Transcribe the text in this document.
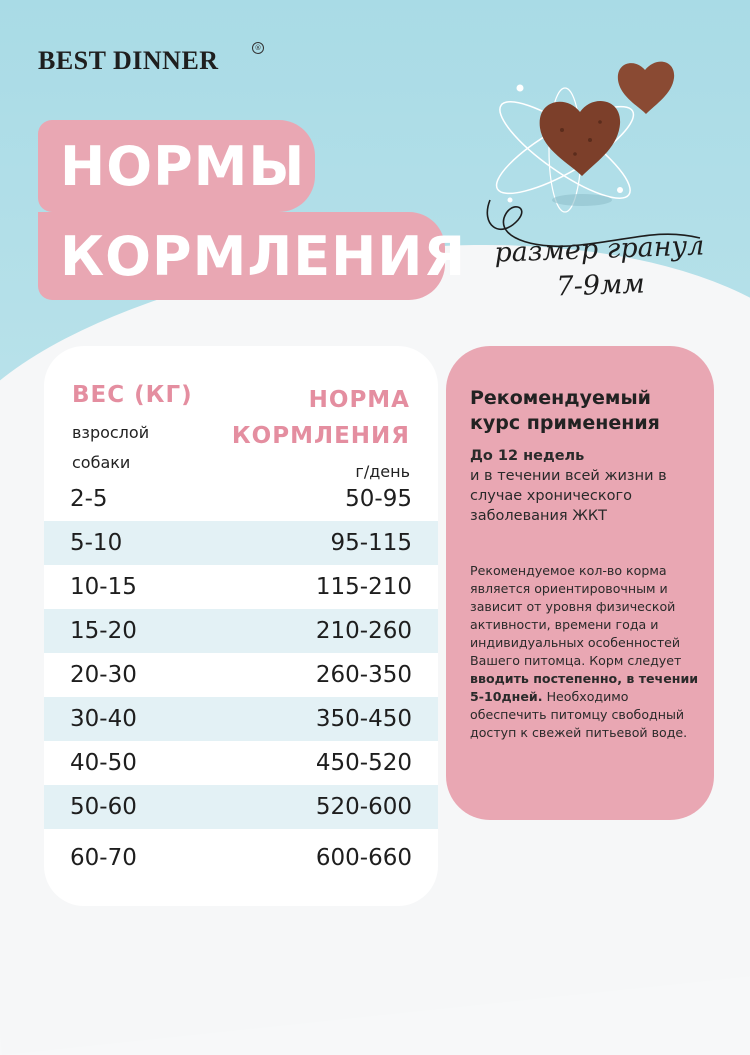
BEST DINNER	®
НОРМЫ
КОРМЛЕНИЯ	размер гранул
7-9мм
ВЕС (КГ)
взрослой
собаки
НОРМА
КОРМЛЕНИЯ
г/день
2-5	50-95
5-10	95-115
10-15	115-210
15-20	210-260
20-30	260-350
30-40	350-450
40-50	450-520
50-60	520-600
60-70	600-660
Рекомендуемый курс применения
До 12 недель
и в течении всей жизни в случае хронического заболевания ЖКТ
Рекомендуемое кол-во корма является ориентировочным и зависит от уровня физической активности, времени года и индивидуальных особенностей Вашего питомца. Корм следует вводить постепенно, в течении 5-10дней. Необходимо обеспечить питомцу свободный доступ к свежей питьевой воде.
